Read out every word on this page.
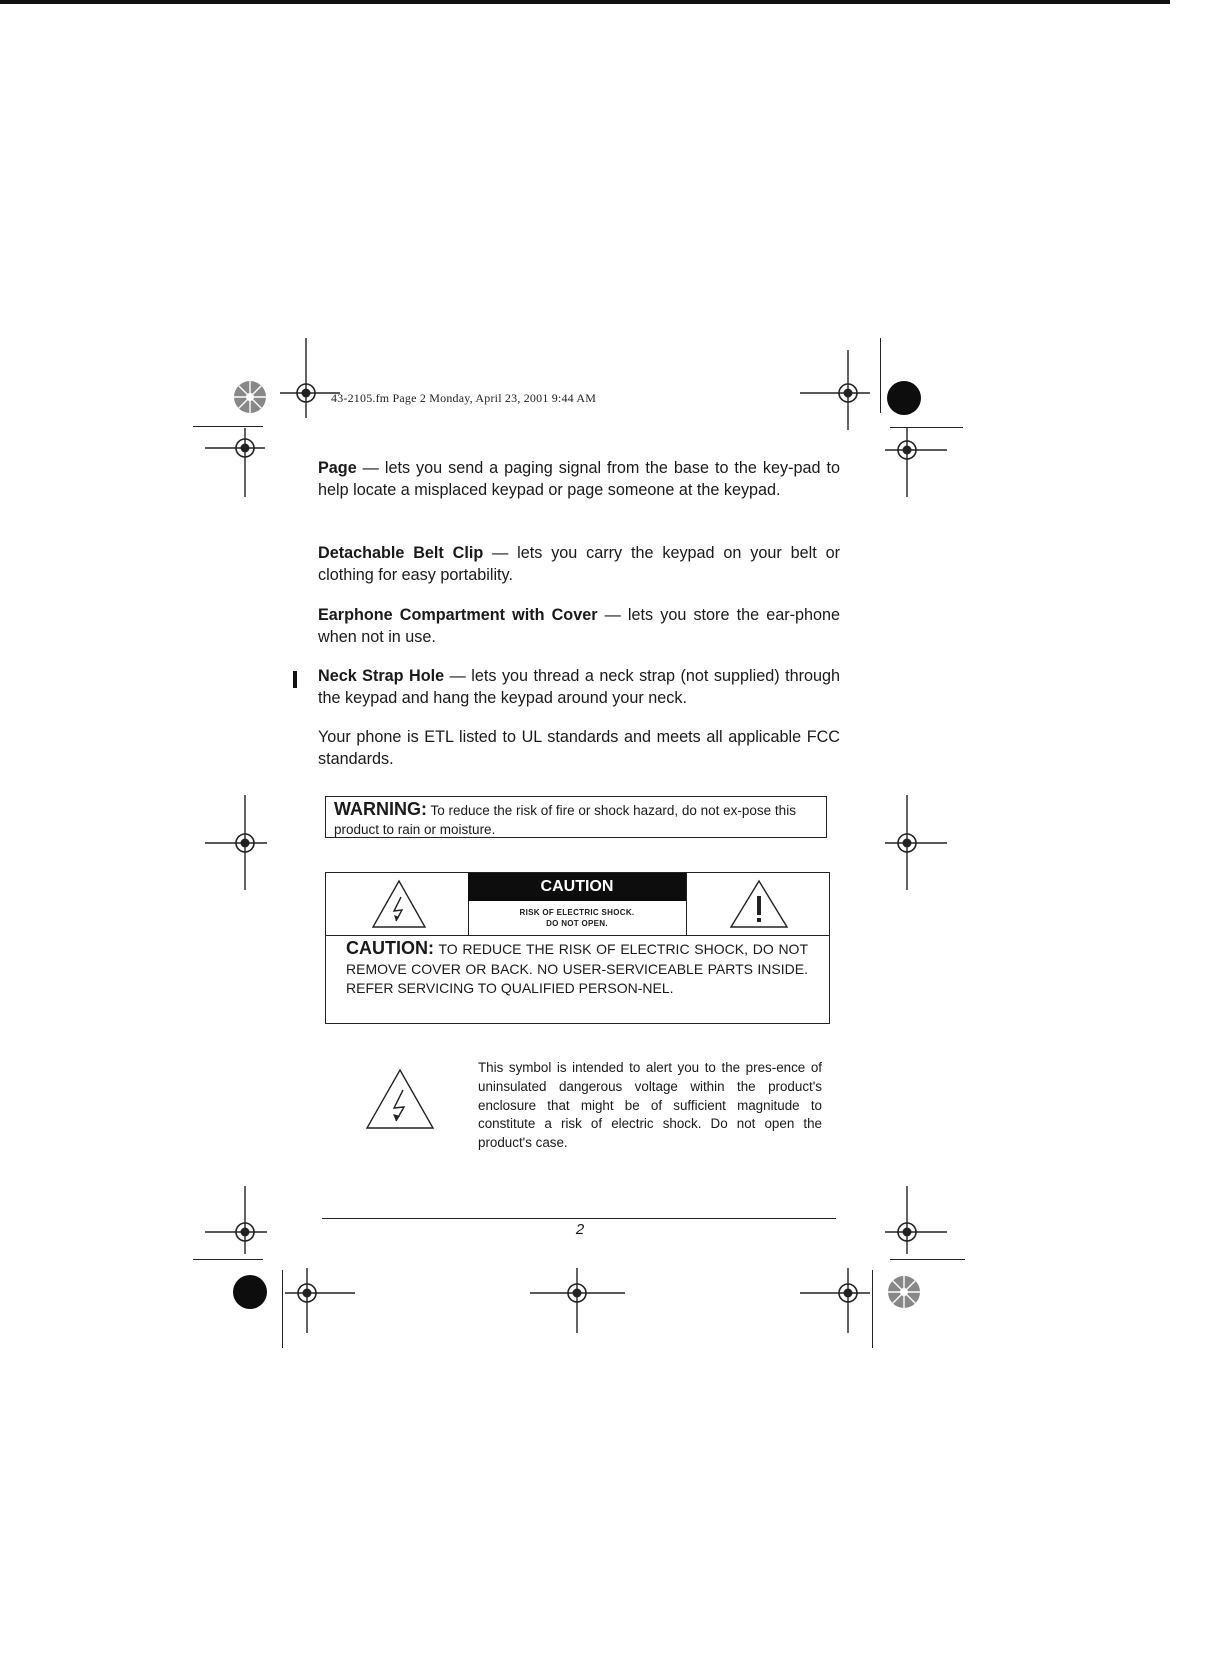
43-2105.fm Page 2 Monday, April 23, 2001 9:44 AM

Page — lets you send a paging signal from the base to the key-pad to help locate a misplaced keypad or page someone at the keypad.

Detachable Belt Clip — lets you carry the keypad on your belt or clothing for easy portability.

Earphone Compartment with Cover — lets you store the ear-phone when not in use.

Neck Strap Hole — lets you thread a neck strap (not supplied) through the keypad and hang the keypad around your neck.

Your phone is ETL listed to UL standards and meets all applicable FCC standards.

WARNING: To reduce the risk of fire or shock hazard, do not ex-pose this product to rain or moisture.
CAUTION
RISK OF ELECTRIC SHOCK.
DO NOT OPEN.
CAUTION: TO REDUCE THE RISK OF ELECTRIC SHOCK, DO NOT REMOVE COVER OR BACK. NO USER-SERVICEABLE PARTS INSIDE. REFER SERVICING TO QUALIFIED PERSON-NEL.

This symbol is intended to alert you to the pres-ence of uninsulated dangerous voltage within the product's enclosure that might be of sufficient magnitude to constitute a risk of electric shock. Do not open the product's case.

2
